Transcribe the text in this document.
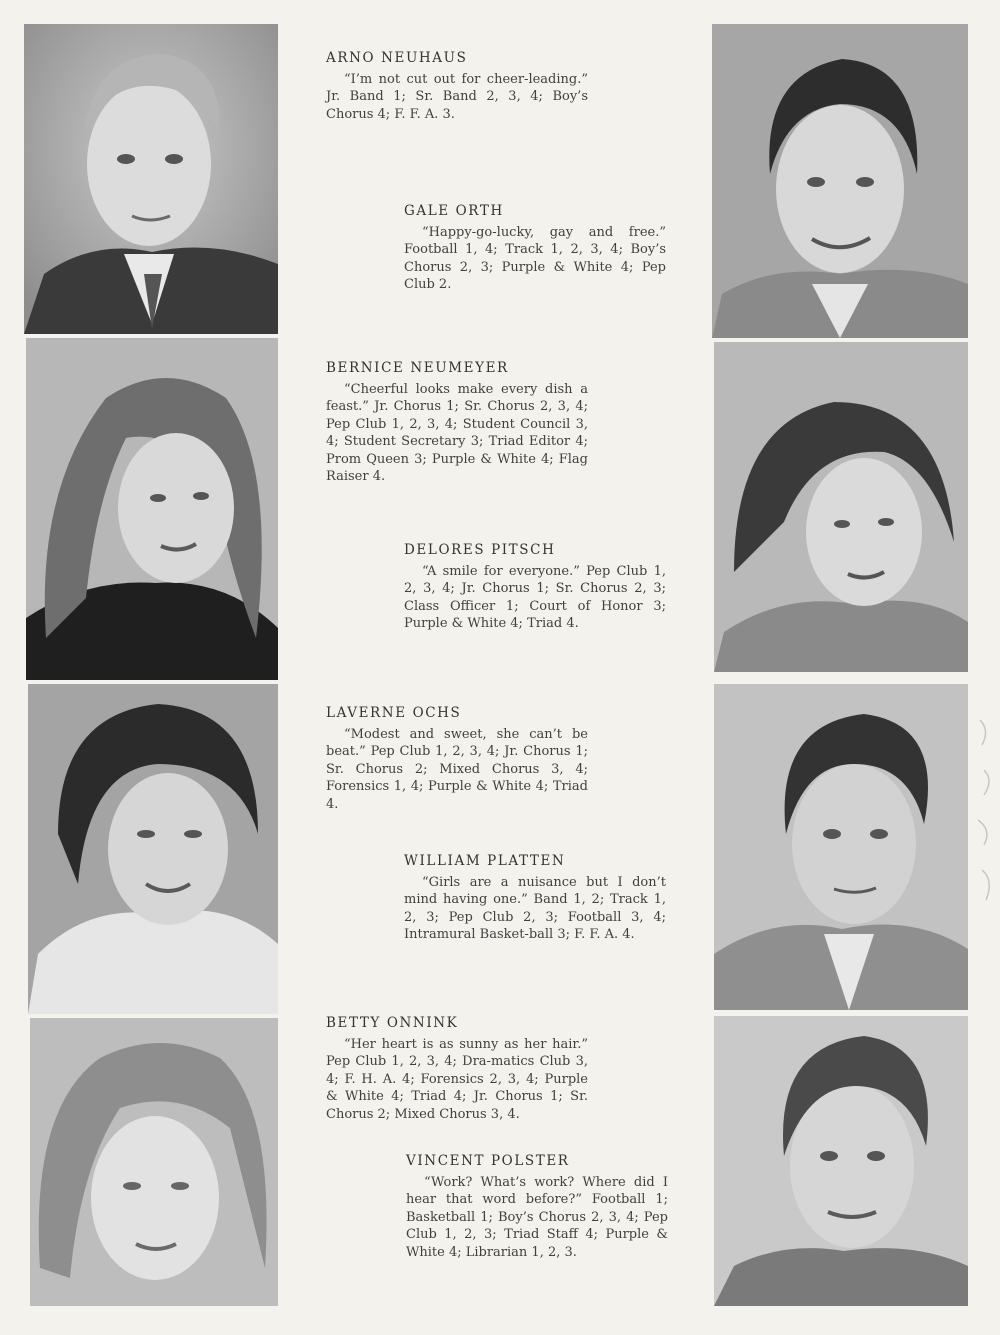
ARNO NEUHAUS

“I’m not cut out for cheer-leading.” Jr. Band 1; Sr. Band 2, 3, 4; Boy’s Chorus 4; F. F. A. 3.

GALE ORTH

“Happy-go-lucky, gay and free.” Football 1, 4; Track 1, 2, 3, 4; Boy’s Chorus 2, 3; Purple & White 4; Pep Club 2.

BERNICE NEUMEYER

“Cheerful looks make every dish a feast.” Jr. Chorus 1; Sr. Chorus 2, 3, 4; Pep Club 1, 2, 3, 4; Student Council 3, 4; Student Secretary 3; Triad Editor 4; Prom Queen 3; Purple & White 4; Flag Raiser 4.

DELORES PITSCH

“A smile for everyone.” Pep Club 1, 2, 3, 4; Jr. Chorus 1; Sr. Chorus 2, 3; Class Officer 1; Court of Honor 3; Purple & White 4; Triad 4.

LAVERNE OCHS

“Modest and sweet, she can’t be beat.” Pep Club 1, 2, 3, 4; Jr. Chorus 1; Sr. Chorus 2; Mixed Chorus 3, 4; Forensics 1, 4; Purple & White 4; Triad 4.

WILLIAM PLATTEN

“Girls are a nuisance but I don’t mind having one.” Band 1, 2; Track 1, 2, 3; Pep Club 2, 3; Football 3, 4; Intramural Basket-ball 3; F. F. A. 4.

BETTY ONNINK

“Her heart is as sunny as her hair.” Pep Club 1, 2, 3, 4; Dra-matics Club 3, 4; F. H. A. 4; Forensics 2, 3, 4; Purple & White 4; Triad 4; Jr. Chorus 1; Sr. Chorus 2; Mixed Chorus 3, 4.

VINCENT POLSTER

“Work? What’s work? Where did I hear that word before?” Football 1; Basketball 1; Boy’s Chorus 2, 3, 4; Pep Club 1, 2, 3; Triad Staff 4; Purple & White 4; Librarian 1, 2, 3.
